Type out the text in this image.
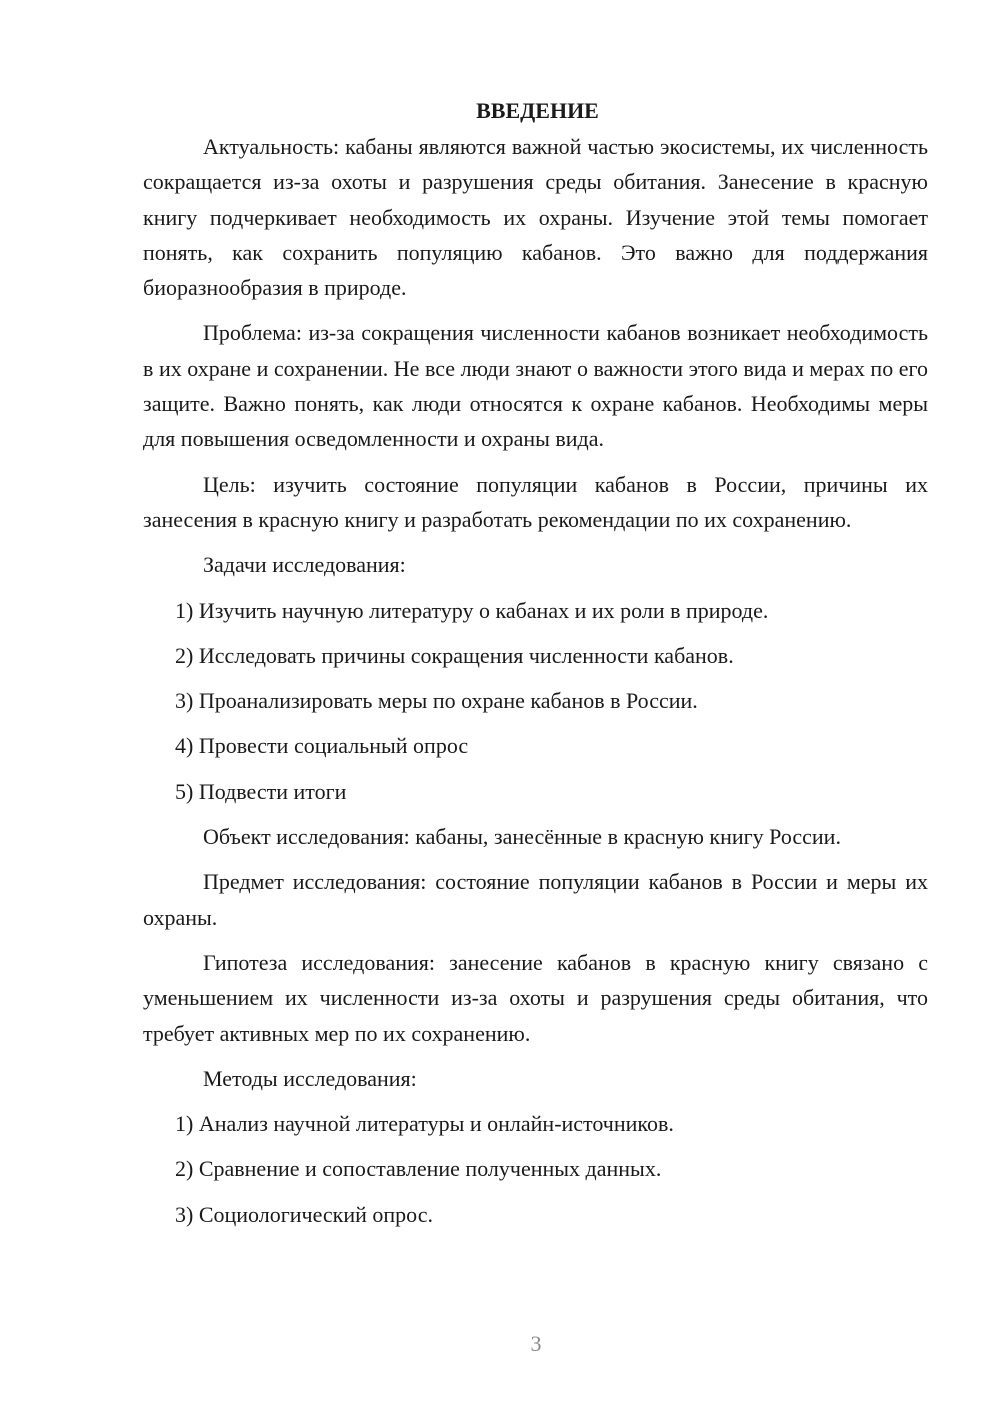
ВВЕДЕНИЕ

Актуальность: кабаны являются важной частью экосистемы, их численность сокращается из-за охоты и разрушения среды обитания. Занесение в красную книгу подчеркивает необходимость их охраны. Изучение этой темы помогает понять, как сохранить популяцию кабанов. Это важно для поддержания биоразнообразия в природе.

Проблема: из-за сокращения численности кабанов возникает необходимость в их охране и сохранении. Не все люди знают о важности этого вида и мерах по его защите. Важно понять, как люди относятся к охране кабанов. Необходимы меры для повышения осведомленности и охраны вида.

Цель: изучить состояние популяции кабанов в России, причины их занесения в красную книгу и разработать рекомендации по их сохранению.

Задачи исследования:

1) Изучить научную литературу о кабанах и их роли в природе.
2) Исследовать причины сокращения численности кабанов.
3) Проанализировать меры по охране кабанов в России.
4) Провести социальный опрос
5) Подвести итоги

Объект исследования: кабаны, занесённые в красную книгу России.

Предмет исследования: состояние популяции кабанов в России и меры их охраны.

Гипотеза исследования: занесение кабанов в красную книгу связано с уменьшением их численности из-за охоты и разрушения среды обитания, что требует активных мер по их сохранению.

Методы исследования:

1) Анализ научной литературы и онлайн-источников.
2) Сравнение и сопоставление полученных данных.
3) Социологический опрос.
3
